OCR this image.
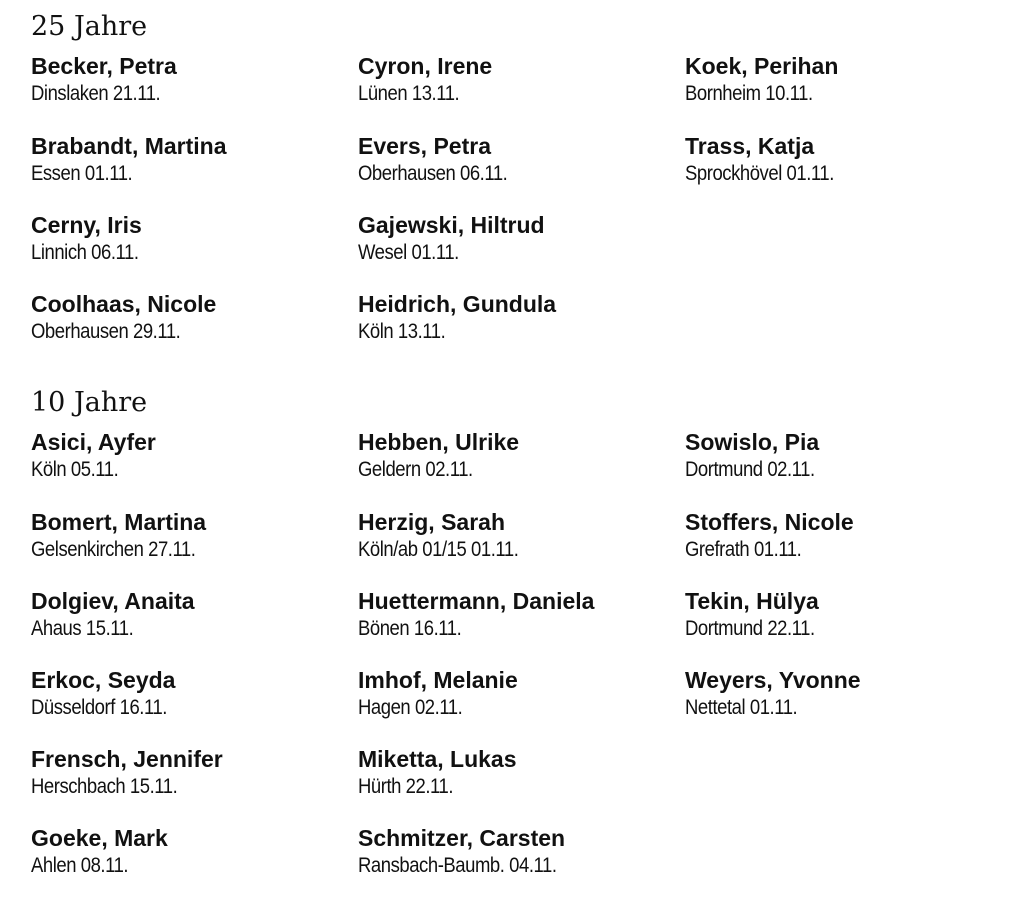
25 Jahre
Becker, Petra
Dinslaken 21.11.
Cyron, Irene
Lünen 13.11.
Koek, Perihan
Bornheim 10.11.
Brabandt, Martina
Essen 01.11.
Evers, Petra
Oberhausen 06.11.
Trass, Katja
Sprockhövel 01.11.
Cerny, Iris
Linnich 06.11.
Gajewski, Hiltrud
Wesel 01.11.
Coolhaas, Nicole
Oberhausen 29.11.
Heidrich, Gundula
Köln 13.11.
10 Jahre
Asici, Ayfer
Köln 05.11.
Hebben, Ulrike
Geldern 02.11.
Sowislo, Pia
Dortmund 02.11.
Bomert, Martina
Gelsenkirchen 27.11.
Herzig, Sarah
Köln/ab 01/15 01.11.
Stoffers, Nicole
Grefrath 01.11.
Dolgiev, Anaita
Ahaus 15.11.
Huettermann, Daniela
Bönen 16.11.
Tekin, Hülya
Dortmund 22.11.
Erkoc, Seyda
Düsseldorf 16.11.
Imhof, Melanie
Hagen 02.11.
Weyers, Yvonne
Nettetal 01.11.
Frensch, Jennifer
Herschbach 15.11.
Miketta, Lukas
Hürth 22.11.
Goeke, Mark
Ahlen 08.11.
Schmitzer, Carsten
Ransbach-Baumb. 04.11.
